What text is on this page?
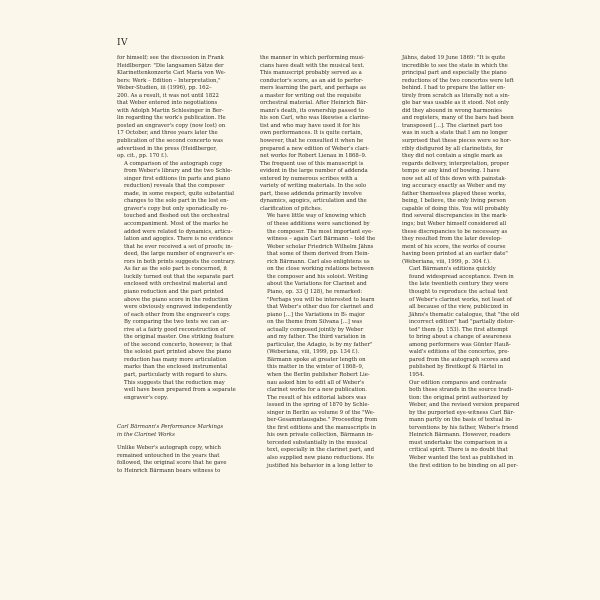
IV

for himself; see the discussion in Frank
Heidlberger: "Die langsamen Sätze der
Klarinettenkonzerte Carl Maria von We-
bers: Werk – Edition – Interpretation,"
Weber-Studien, iii (1996), pp. 162–
200. As a result, it was not until 1822
that Weber entered into negotiations
with Adolph Martin Schlesinger in Ber-
lin regarding the work's publication. He
posted an engraver's copy (now lost) on
17 October, and three years later the
publication of the second concerto was
advertised in the press (Heidlberger,
op. cit., pp. 170 f.).

A comparison of the autograph copy
from Weber's library and the two Schle-
singer first editions (in parts and piano
reduction) reveals that the composer
made, in some respect, quite substantial
changes to the solo part in the lost en-
graver's copy but only sporadically re-
touched and fleshed out the orchestral
accompaniment. Most of the marks he
added were related to dynamics, articu-
lation and agogics. There is no evidence
that he ever received a set of proofs; in-
deed, the large number of engraver's er-
rors in both prints suggests the contrary.
As far as the solo part is concerned, it
luckily turned out that the separate part
enclosed with orchestral material and
piano reduction and the part printed
above the piano score in the reduction
were obviously engraved independently
of each other from the engraver's copy.
By comparing the two texts we can ar-
rive at a fairly good reconstruction of
the original master. One striking feature
of the second concerto, however, is that
the soloist part printed above the piano
reduction has many more articulation
marks than the enclosed instrumental
part, particularly with regard to slurs.
This suggests that the reduction may
well have been prepared from a separate
engraver's copy.

Carl Bärmann's Performance Markings
in the Clarinet Works

Unlike Weber's autograph copy, which
remained untouched in the years that
followed, the original score that he gave
to Heinrich Bärmann bears witness to

the manner in which performing musi-
cians have dealt with the musical text.
This manuscript probably served as a
conductor's score, as an aid to perfor-
mers learning the part, and perhaps as
a master for writing out the requisite
orchestral material. After Heinrich Bär-
mann's death, its ownership passed to
his son Carl, who was likewise a clarine-
tist and who may have used it for his
own performances. It is quite certain,
however, that he consulted it when he
prepared a new edition of Weber's clari-
net works for Robert Lienau in 1868–9.
The frequent use of this manuscript is
evident in the large number of addenda
entered by numerous scribes with a
variety of writing materials. In the solo
part, these addenda primarily involve
dynamics, agogics, articulation and the
clarification of pitches.

We have little way of knowing which
of these additions were sanctioned by
the composer. The most important eye-
witness – again Carl Bärmann – told the
Weber scholar Friedrich Wilhelm Jähns
that some of them derived from Hein-
rich Bärmann. Carl also enlightens us
on the close working relations between
the composer and his soloist. Writing
about the Variations for Clarinet and
Piano, op. 33 (J 128), he remarked:
"Perhaps you will be interested to learn
that Weber's other duo for clarinet and
piano [...] the Variations in B♭ major
on the theme from Silvana [...] was
actually composed jointly by Weber
and my father. The third variation in
particular, the Adagio, is by my father"
(Weberiana, viii, 1999, pp. 134 f.).

Bärmann spoke at greater length on
this matter in the winter of 1868–9,
when the Berlin publisher Robert Lie-
nau asked him to edit all of Weber's
clarinet works for a new publication.
The result of his editorial labors was
issued in the spring of 1870 by Schle-
singer in Berlin as volume 9 of the "We-
ber-Gesammtausgabe." Proceeding from
the first editions and the manuscripts in
his own private collection, Bärmann in-
terceded substantially in the musical
text, especially in the clarinet part, and
also supplied new piano reductions. He
justified his behavior in a long letter to

Jähns, dated 19 June 1869: "It is quite
incredible to see the state in which the
principal part and especially the piano
reductions of the two concertos were left
behind. I had to prepare the latter en-
tirely from scratch as literally not a sin-
gle bar was usable as it stood. Not only
did they abound in wrong harmonies
and registers, many of the bars had been
transposed [...]. The clarinet part too
was in such a state that I am no longer
surprised that these pieces were so hor-
ribly disfigured by all clarinetists, for
they did not contain a single mark as
regards delivery, interpretation, proper
tempo or any kind of bowing. I have
now set all of this down with painstak-
ing accuracy exactly as Weber and my
father themselves played these works,
being, I believe, the only living person
capable of doing this. You will probably
find several discrepancies in the mark-
ings; but Weber himself considered all
these discrepancies to be necessary as
they resulted from the later develop-
ment of his score, the works of course
having been printed at an earlier date"
(Weberiana, viii, 1999, p. 304 f.).

Carl Bärmann's editions quickly
found widespread acceptance. Even in
the late twentieth century they were
thought to reproduce the actual text
of Weber's clarinet works, not least of
all because of the view, publicized in
Jähns's thematic catalogue, that "the old
incorrect edition" had "partially distor-
ted" them (p. 153). The first attempt
to bring about a change of awareness
among performers was Günter Hauß-
wald's editions of the concertos, pre-
pared from the autograph scores and
published by Breitkopf & Härtel in
1954.

Our edition compares and contrasts
both these strands in the source tradi-
tion: the original print authorized by
Weber, and the revised version prepared
by the purported eye-witness Carl Bär-
mann partly on the basis of textual in-
terventions by his father, Weber's friend
Heinrich Bärmann. However, readers
must undertake the comparison in a
critical spirit. There is no doubt that
Weber wanted the text as published in
the first edition to be binding on all per-
